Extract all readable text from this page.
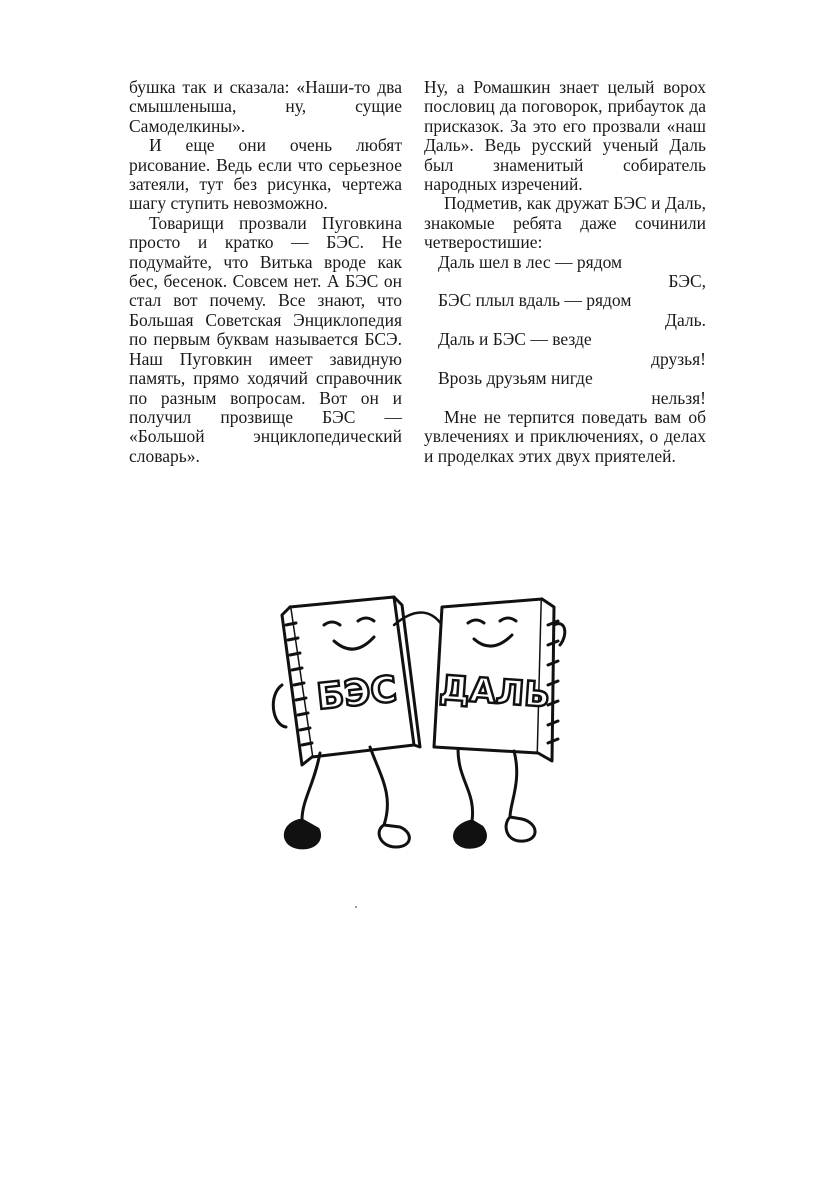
бушка так и сказала: «Наши-то два смышленыша, ну, сущие Самоделкины».

И еще они очень любят рисование. Ведь если что серьезное затеяли, тут без рисунка, чертежа шагу ступить невозможно.

Товарищи прозвали Пуговкина просто и кратко — БЭС. Не подумайте, что Витька вроде как бес, бесенок. Совсем нет. А БЭС он стал вот почему. Все знают, что Большая Советская Энциклопедия по первым буквам называется БСЭ. Наш Пуговкин имеет завидную память, прямо ходячий справочник по разным вопросам. Вот он и получил прозвище БЭС — «Большой энциклопедический словарь».

Ну, а Ромашкин знает целый ворох пословиц да поговорок, прибауток да присказок. За это его прозвали «наш Даль». Ведь русский ученый Даль был знаменитый собиратель народных изречений.

Подметив, как дружат БЭС и Даль, знакомые ребята даже сочинили четверостишие:

Даль шел в лес — рядом
БЭС,
БЭС плыл вдаль — рядом
Даль.
Даль и БЭС — везде
друзья!
Врозь друзьям нигде
нельзя!

Мне не терпится поведать вам об увлечениях и приключениях, о делах и проделках этих двух приятелей.

БЭС ДАЛЬ
